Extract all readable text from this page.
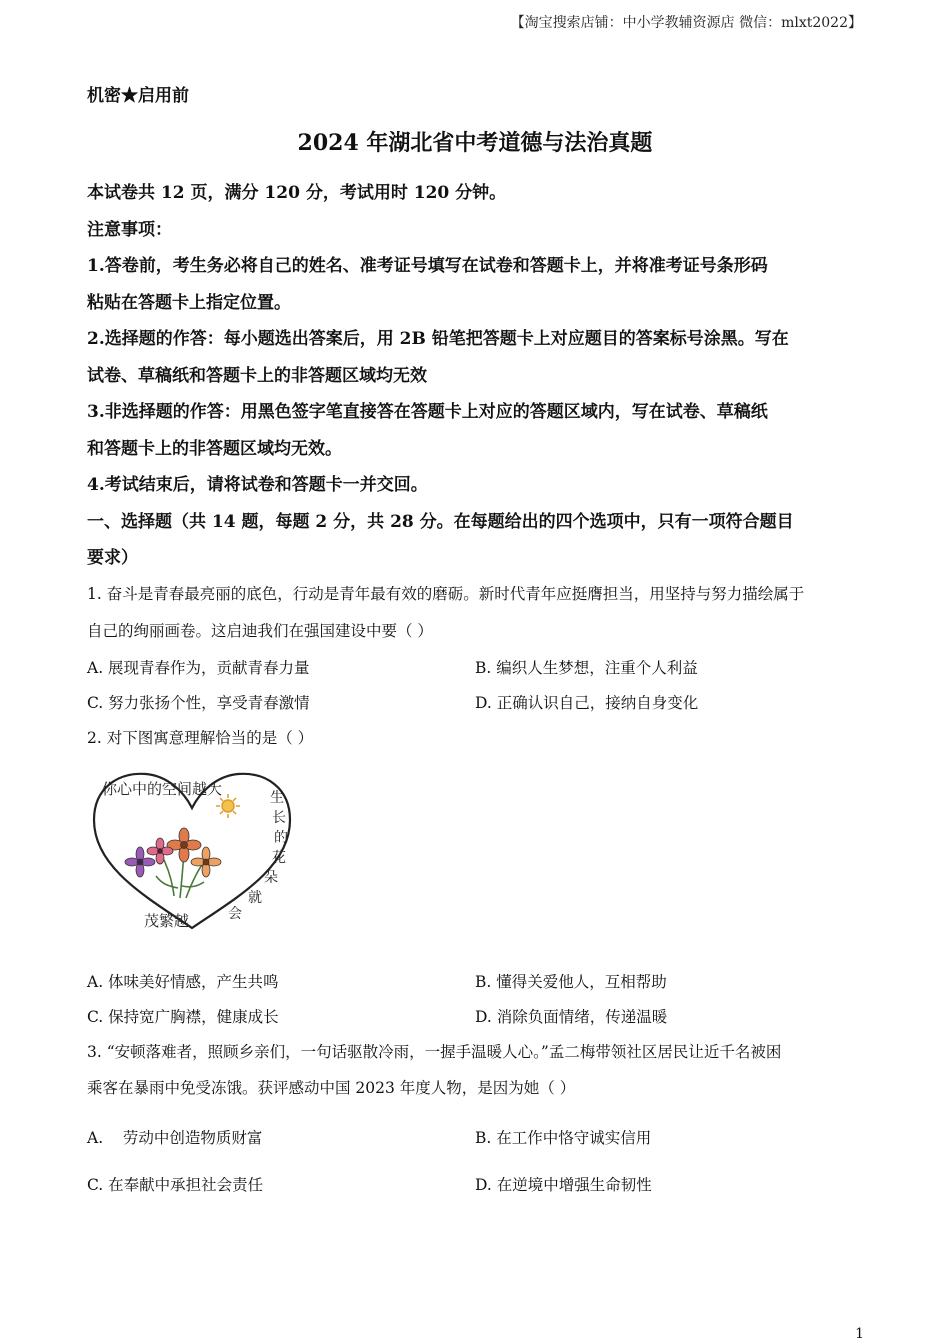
【淘宝搜索店铺：中小学教辅资源店 微信：mlxt2022】
机密★启用前
2024 年湖北省中考道德与法治真题
本试卷共 12 页，满分 120 分，考试用时 120 分钟。
注意事项：
1.答卷前，考生务必将自己的姓名、准考证号填写在试卷和答题卡上，并将准考证号条形码
粘贴在答题卡上指定位置。
2.选择题的作答：每小题选出答案后，用 2B 铅笔把答题卡上对应题目的答案标号涂黑。写在
试卷、草稿纸和答题卡上的非答题区域均无效
3.非选择题的作答：用黑色签字笔直接答在答题卡上对应的答题区域内，写在试卷、草稿纸
和答题卡上的非答题区域均无效。
4.考试结束后，请将试卷和答题卡一并交回。
一、选择题（共 14 题，每题 2 分，共 28 分。在每题给出的四个选项中，只有一项符合题目
要求）
1. 奋斗是青春最亮丽的底色，行动是青年最有效的磨砺。新时代青年应挺膺担当，用坚持与努力描绘属于
自己的绚丽画卷。这启迪我们在强国建设中要（ ）
A. 展现青春作为，贡献青春力量	B. 编织人生梦想，注重个人利益
C. 努力张扬个性，享受青春激情	D. 正确认识自己，接纳自身变化
2. 对下图寓意理解恰当的是（ ）
你心中的空间越大	生长 的花 朵就 会
茂繁越
A. 体味美好情感，产生共鸣	B. 懂得关爱他人，互相帮助
C. 保持宽广胸襟，健康成长	D. 消除负面情绪，传递温暖
3. “安顿落难者，照顾乡亲们，一句话驱散冷雨，一握手温暖人心。”孟二梅带领社区居民让近千名被困
乘客在暴雨中免受冻饿。获评感动中国 2023 年度人物，是因为她（ ）
A.    劳动中创造物质财富	B. 在工作中恪守诚实信用
C. 在奉献中承担社会责任	D. 在逆境中增强生命韧性
1
